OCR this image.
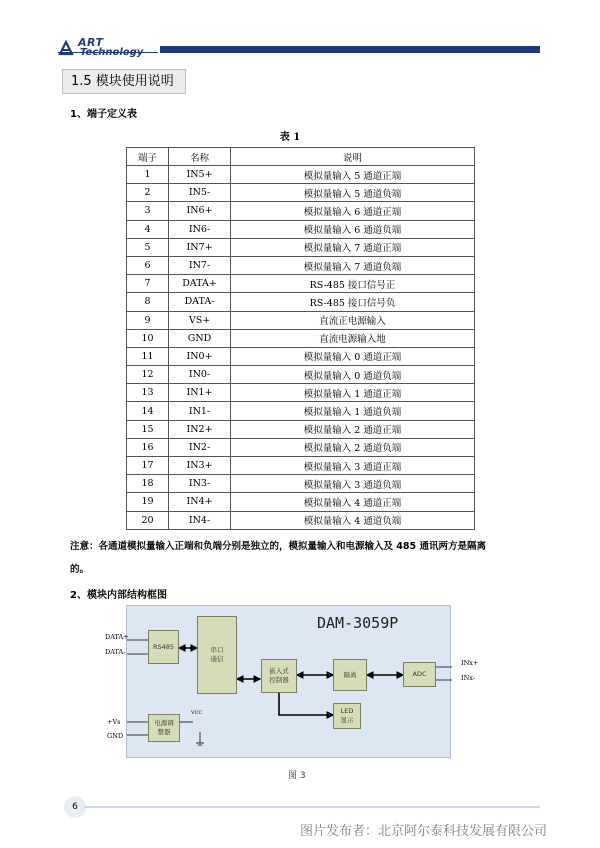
ART
1.5 模块使用说明
1、端子定义表
表 1
端子	名称	说明
1	IN5+	模拟量输入 5 通道正端
2	IN5-	模拟量输入 5 通道负端
3	IN6+	模拟量输入 6 通道正端
4	IN6-	模拟量输入 6 通道负端
5	IN7+	模拟量输入 7 通道正端
6	IN7-	模拟量输入 7 通道负端
7	DATA+	RS-485 接口信号正
8	DATA-	RS-485 接口信号负
9	VS+	直流正电源输入
10	GND	直流电源输入地
11	IN0+	模拟量输入 0 通道正端
12	IN0-	模拟量输入 0 通道负端
13	IN1+	模拟量输入 1 通道正端
14	IN1-	模拟量输入 1 通道负端
15	IN2+	模拟量输入 2 通道正端
16	IN2-	模拟量输入 2 通道负端
17	IN3+	模拟量输入 3 通道正端
18	IN3-	模拟量输入 3 通道负端
19	IN4+	模拟量输入 4 通道正端
20	IN4-	模拟量输入 4 通道负端
注意：各通道模拟量输入正端和负端分别是独立的，模拟量输入和电源输入及 485 通讯两方是隔离
的。
2、模块内部结构框图
DAM-3059P
RS485	串口
通信
嵌入式
控制器
隔离	ADC
LED
显示
电源调
整器
DATA+
DATA-
+Vs
GND
VCC
INx+
INx-
图 3
6
图片发布者：北京阿尔泰科技发展有限公司
